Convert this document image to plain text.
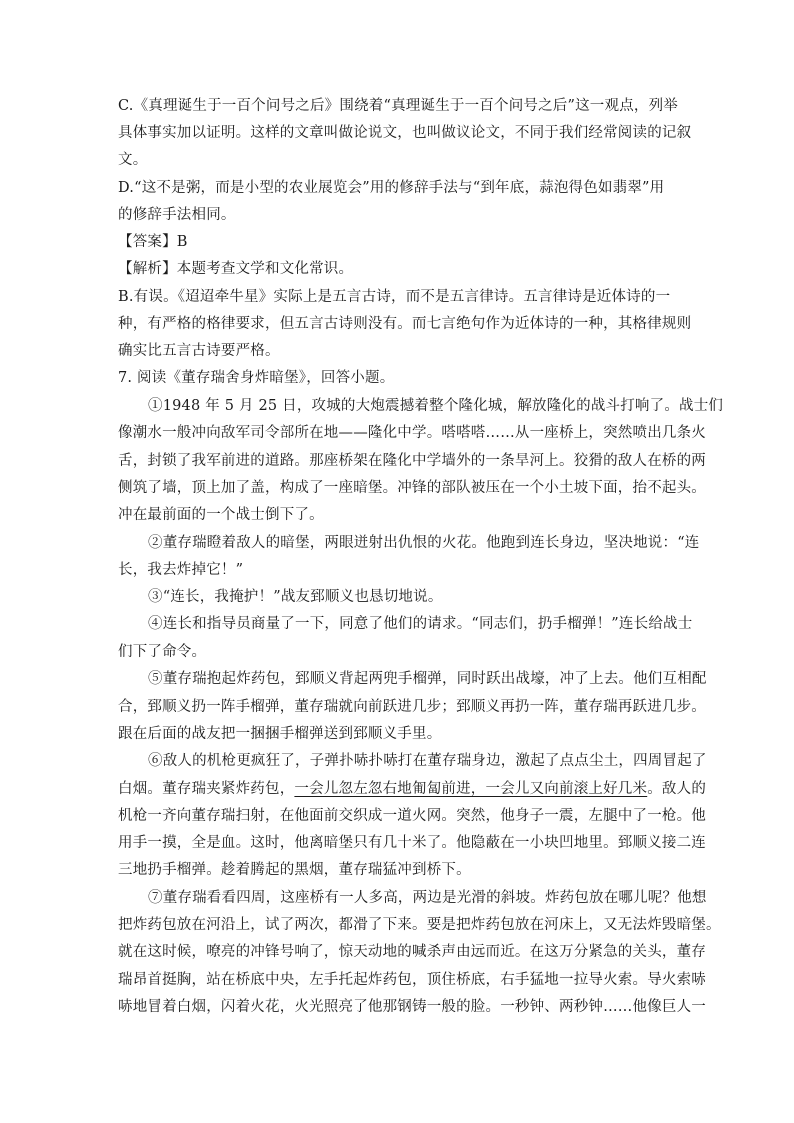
C.《真理诞生于一百个问号之后》围绕着“真理诞生于一百个问号之后”这一观点，列举
具体事实加以证明。这样的文章叫做论说文，也叫做议论文，不同于我们经常阅读的记叙
文。
D.“这不是粥，而是小型的农业展览会”用的修辞手法与“到年底，蒜泡得色如翡翠”用
的修辞手法相同。
【答案】B
【解析】本题考查文学和文化常识。
B.有误。《迢迢牵牛星》实际上是五言古诗，而不是五言律诗。五言律诗是近体诗的一
种，有严格的格律要求，但五言古诗则没有。而七言绝句作为近体诗的一种，其格律规则
确实比五言古诗要严格。
7. 阅读《董存瑞舍身炸暗堡》，回答小题。
①1948 年 5 月 25 日，攻城的大炮震撼着整个隆化城，解放隆化的战斗打响了。战士们
像潮水一般冲向敌军司令部所在地——隆化中学。嗒嗒嗒……从一座桥上，突然喷出几条火
舌，封锁了我军前进的道路。那座桥架在隆化中学墙外的一条旱河上。狡猾的敌人在桥的两
侧筑了墙，顶上加了盖，构成了一座暗堡。冲锋的部队被压在一个小土坡下面，抬不起头。
冲在最前面的一个战士倒下了。
②董存瑞瞪着敌人的暗堡，两眼迸射出仇恨的火花。他跑到连长身边，坚决地说：“连
长，我去炸掉它！”
③“连长，我掩护！”战友郅顺义也恳切地说。
④连长和指导员商量了一下，同意了他们的请求。“同志们，扔手榴弹！”连长给战士
们下了命令。
⑤董存瑞抱起炸药包，郅顺义背起两兜手榴弹，同时跃出战壕，冲了上去。他们互相配
合，郅顺义扔一阵手榴弹，董存瑞就向前跃进几步；郅顺义再扔一阵，董存瑞再跃进几步。
跟在后面的战友把一捆捆手榴弹送到郅顺义手里。
⑥敌人的机枪更疯狂了，子弹扑哧扑哧打在董存瑞身边，激起了点点尘土，四周冒起了
白烟。董存瑞夹紧炸药包，一会儿忽左忽右地匍匐前进，一会儿又向前滚上好几米。敌人的
机枪一齐向董存瑞扫射，在他面前交织成一道火网。突然，他身子一震，左腿中了一枪。他
用手一摸，全是血。这时，他离暗堡只有几十米了。他隐蔽在一小块凹地里。郅顺义接二连
三地扔手榴弹。趁着腾起的黑烟，董存瑞猛冲到桥下。
⑦董存瑞看看四周，这座桥有一人多高，两边是光滑的斜坡。炸药包放在哪儿呢？他想
把炸药包放在河沿上，试了两次，都滑了下来。要是把炸药包放在河床上，又无法炸毁暗堡。
就在这时候，嘹亮的冲锋号响了，惊天动地的喊杀声由远而近。在这万分紧急的关头，董存
瑞昂首挺胸，站在桥底中央，左手托起炸药包，顶住桥底，右手猛地一拉导火索。导火索哧
哧地冒着白烟，闪着火花，火光照亮了他那钢铸一般的脸。一秒钟、两秒钟……他像巨人一
